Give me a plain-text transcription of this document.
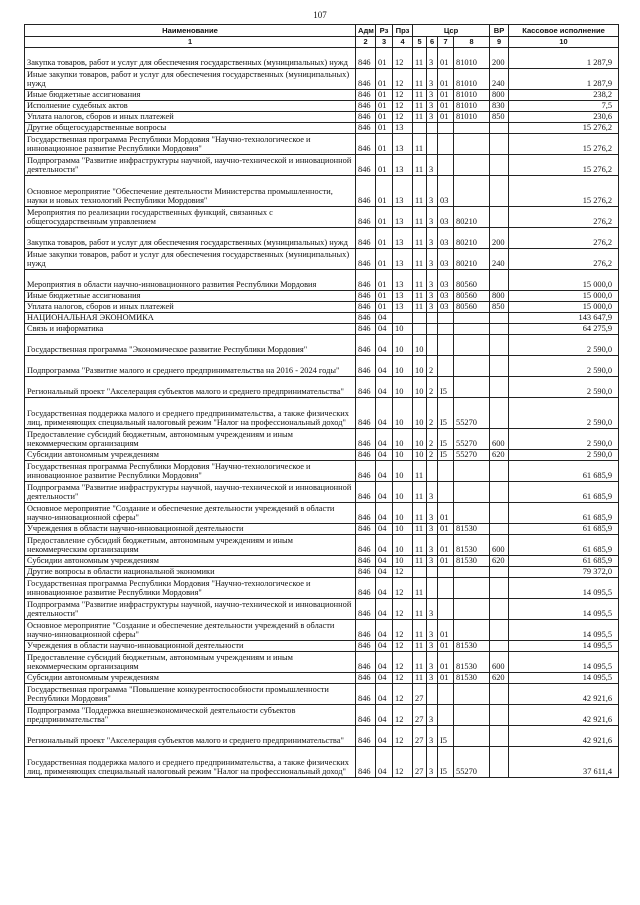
107
Наименование	Адм	Рз	Прз	Цср				ВР	Кассовое исполнение
1	2	3	4	5	6	7	8	9	10
Закупка товаров, работ и услуг для обеспечения государственных (муниципальных) нужд	846	01	12	11	3	01	81010	200	1 287,9
Иные закупки товаров, работ и услуг для обеспечения государственных (муниципальных) нужд	846	01	12	11	3	01	81010	240	1 287,9
Иные бюджетные ассигнования	846	01	12	11	3	01	81010	800	238,2
Исполнение судебных актов	846	01	12	11	3	01	81010	830	7,5
Уплата налогов, сборов и иных платежей	846	01	12	11	3	01	81010	850	230,6
Другие общегосударственные вопросы	846	01	13						15 276,2
Государственная программа Республики Мордовия "Научно-технологическое и инновационное развитие Республики Мордовия"	846	01	13	11					15 276,2
Подпрограмма "Развитие инфраструктуры научной, научно-технической и инновационной деятельности"	846	01	13	11	3				15 276,2
Основное мероприятие "Обеспечение деятельности Министерства промышленности, науки и новых технологий Республики Мордовия"	846	01	13	11	3	03			15 276,2
Мероприятия по реализации государственных функций, связанных с общегосударственным управлением	846	01	13	11	3	03	80210		276,2
Закупка товаров, работ и услуг для обеспечения государственных (муниципальных) нужд	846	01	13	11	3	03	80210	200	276,2
Иные закупки товаров, работ и услуг для обеспечения государственных (муниципальных) нужд	846	01	13	11	3	03	80210	240	276,2
Мероприятия в области научно-инновационного развития Республики Мордовия	846	01	13	11	3	03	80560		15 000,0
Иные бюджетные ассигнования	846	01	13	11	3	03	80560	800	15 000,0
Уплата налогов, сборов и иных платежей	846	01	13	11	3	03	80560	850	15 000,0
НАЦИОНАЛЬНАЯ ЭКОНОМИКА	846	04							143 647,9
Связь и информатика	846	04	10						64 275,9
Государственная программа "Экономическое развитие Республики Мордовия"	846	04	10	10					2 590,0
Подпрограмма "Развитие малого и среднего предпринимательства на 2016 - 2024 годы"	846	04	10	10	2				2 590,0
Региональный проект "Акселерация субъектов малого и среднего предпринимательства"	846	04	10	10	2	I5			2 590,0
Государственная поддержка малого и среднего предпринимательства, а также физических лиц, применяющих специальный налоговый режим "Налог на профессиональный доход"	846	04	10	10	2	I5	55270		2 590,0
Предоставление субсидий бюджетным, автономным учреждениям и иным некоммерческим организациям	846	04	10	10	2	I5	55270	600	2 590,0
Субсидии автономным учреждениям	846	04	10	10	2	I5	55270	620	2 590,0
Государственная программа Республики Мордовия "Научно-технологическое и инновационное развитие Республики Мордовия"	846	04	10	11					61 685,9
Подпрограмма "Развитие инфраструктуры научной, научно-технической и инновационной деятельности"	846	04	10	11	3				61 685,9
Основное мероприятие "Создание и обеспечение деятельности учреждений в области научно-инновационной сферы"	846	04	10	11	3	01			61 685,9
Учреждения в области научно-инновационной деятельности	846	04	10	11	3	01	81530		61 685,9
Предоставление субсидий бюджетным, автономным учреждениям и иным некоммерческим организациям	846	04	10	11	3	01	81530	600	61 685,9
Субсидии автономным учреждениям	846	04	10	11	3	01	81530	620	61 685,9
Другие вопросы в области национальной экономики	846	04	12						79 372,0
Государственная программа Республики Мордовия "Научно-технологическое и инновационное развитие Республики Мордовия"	846	04	12	11					14 095,5
Подпрограмма "Развитие инфраструктуры научной, научно-технической и инновационной деятельности"	846	04	12	11	3				14 095,5
Основное мероприятие "Создание и обеспечение деятельности учреждений в области научно-инновационной сферы"	846	04	12	11	3	01			14 095,5
Учреждения в области научно-инновационной деятельности	846	04	12	11	3	01	81530		14 095,5
Предоставление субсидий бюджетным, автономным учреждениям и иным некоммерческим организациям	846	04	12	11	3	01	81530	600	14 095,5
Субсидии автономным учреждениям	846	04	12	11	3	01	81530	620	14 095,5
Государственная программа "Повышение конкурентоспособности промышленности Республики Мордовия"	846	04	12	27					42 921,6
Подпрограмма "Поддержка внешнеэкономической деятельности субъектов предпринимательства"	846	04	12	27	3				42 921,6
Региональный проект "Акселерация субъектов малого и среднего предпринимательства"	846	04	12	27	3	I5			42 921,6
Государственная поддержка малого и среднего предпринимательства, а также физических лиц, применяющих специальный налоговый режим "Налог на профессиональный доход"	846	04	12	27	3	I5	55270		37 611,4
